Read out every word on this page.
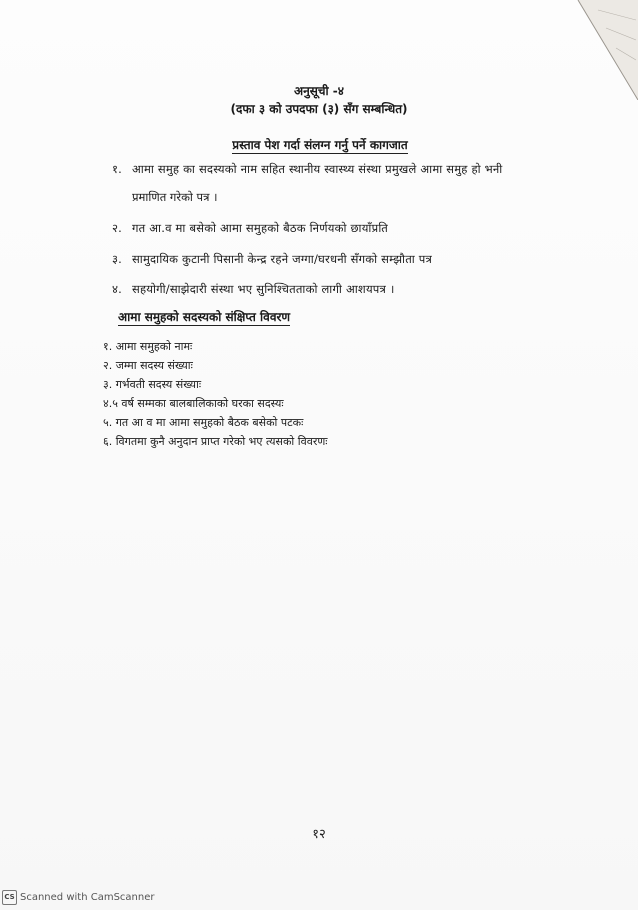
अनुसूची -४
(दफा ३ को उपदफा (३) सँग सम्बन्धित)
प्रस्ताव पेश गर्दा संलग्न गर्नु पर्ने कागजात
१. आमा समुह का सदस्यको नाम सहित स्थानीय स्वास्थ्य संस्था प्रमुखले आमा समुह हो भनी
प्रमाणित गरेको पत्र ।
२. गत आ.व मा बसेको आमा समुहको बैठक निर्णयको छायाँप्रति
३. सामुदायिक कुटानी पिसानी केन्द्र रहने जग्गा/घरधनी सँगको सम्झौता पत्र
४. सहयोगी/साझेदारी संस्था भए सुनिश्चितताको लागी आशयपत्र ।
आमा समुहको सदस्यको संक्षिप्त विवरण
१. आमा समुहको नामः
२. जम्मा सदस्य संख्याः
३. गर्भवती सदस्य संख्याः
४.५ वर्ष सम्मका बालबालिकाको घरका सदस्यः
५. गत आ व मा आमा समुहको बैठक बसेको पटकः
६. विगतमा कुनै अनुदान प्राप्त गरेको भए त्यसको विवरणः
१२
CS Scanned with CamScanner
